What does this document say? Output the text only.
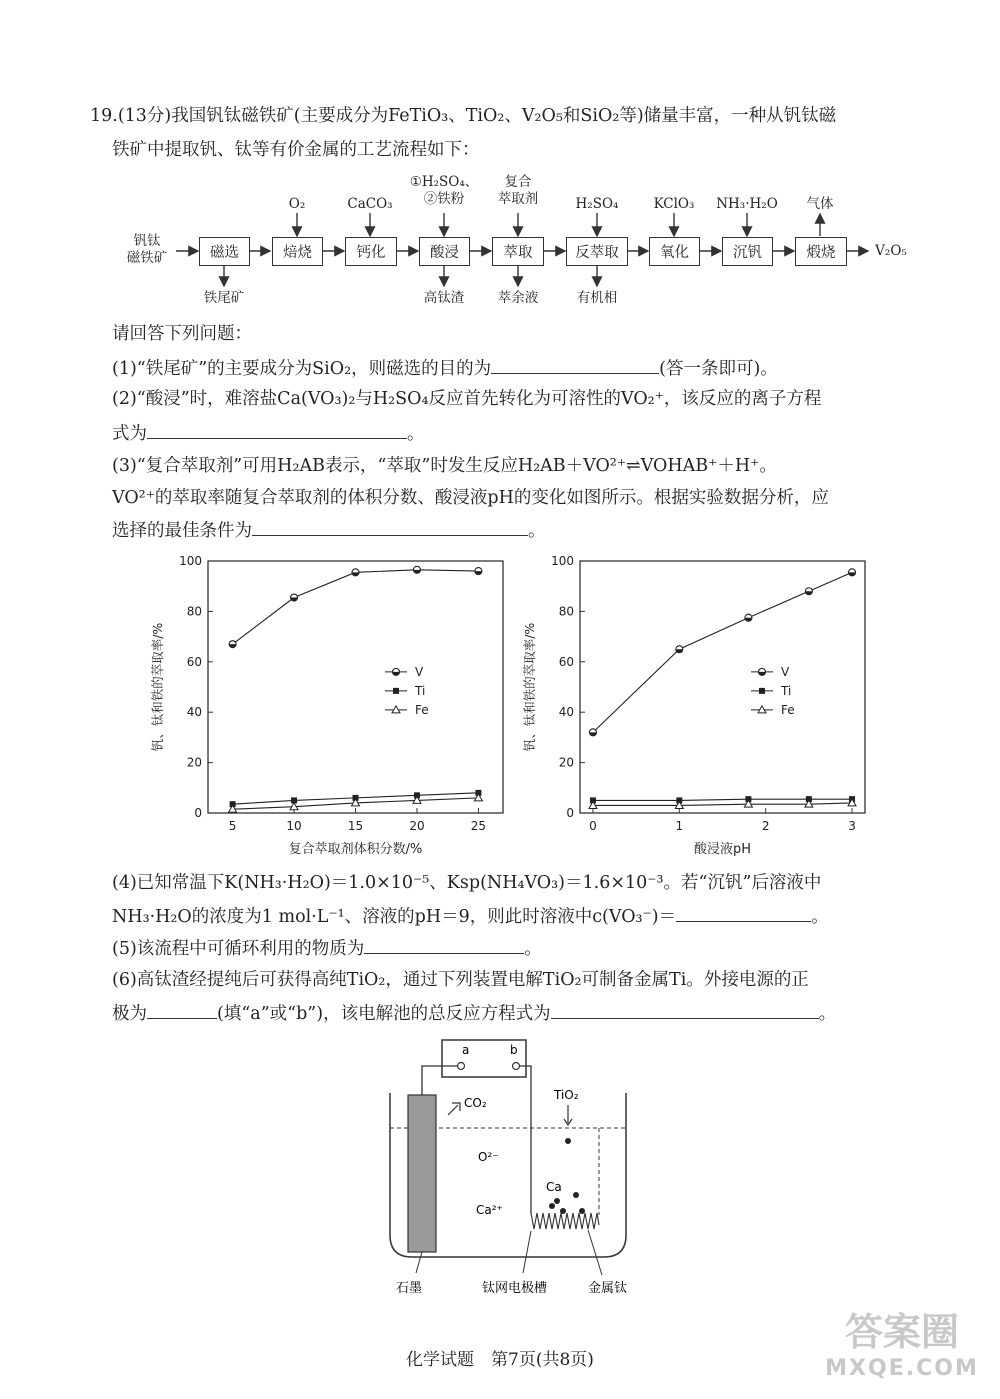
19.(13分)我国钒钛磁铁矿(主要成分为FeTiO₃、TiO₂、V₂O₅和SiO₂等)储量丰富，一种从钒钛磁
铁矿中提取钒、钛等有价金属的工艺流程如下：
钒钛
磁铁矿	磁选	焙烧	钙化	酸浸	萃取	反萃取	氧化	沉钒	煅烧
O₂	CaCO₃
①H₂SO₄、
②铁粉
复合
萃取剂	H₂SO₄	KClO₃	NH₃·H₂O	气体
V₂O₅
铁尾矿	高钛渣	萃余液	有机相
请回答下列问题：
(1)“铁尾矿”的主要成分为SiO₂，则磁选的目的为	(答一条即可)。
(2)“酸浸”时，难溶盐Ca(VO₃)₂与H₂SO₄反应首先转化为可溶性的VO₂⁺，该反应的离子方程
式为	。
(3)“复合萃取剂”可用H₂AB表示，“萃取”时发生反应H₂AB＋VO²⁺⇌VOHAB⁺＋H⁺。
VO²⁺的萃取率随复合萃取剂的体积分数、酸浸液pH的变化如图所示。根据实验数据分析，应
选择的最佳条件为	。
0
20
40
60
80
100
5	10	15	20	25
复合萃取剂体积分数/%
钒、钛和铁的萃取率/%	V
Ti
Fe
0
20
40
60
80
100
0	1	2	3
酸浸液pH
钒、钛和铁的萃取率/%	V
Ti
Fe
(4)已知常温下K(NH₃·H₂O)＝1.0×10⁻⁵、Ksp(NH₄VO₃)＝1.6×10⁻³。若“沉钒”后溶液中
NH₃·H₂O的浓度为1 mol·L⁻¹、溶液的pH＝9，则此时溶液中c(VO₃⁻)＝	。
(5)该流程中可循环利用的物质为	。
(6)高钛渣经提纯后可获得高纯TiO₂，通过下列装置电解TiO₂可制备金属Ti。外接电源的正
极为	(填“a”或“b”)，该电解池的总反应方程式为	。
a	b
CO₂
TiO₂
O²⁻
Ca²⁺
Ca
石墨	钛网电极槽	金属钛
化学试题　第7页(共8页)
答案圈
MXQE.COM
